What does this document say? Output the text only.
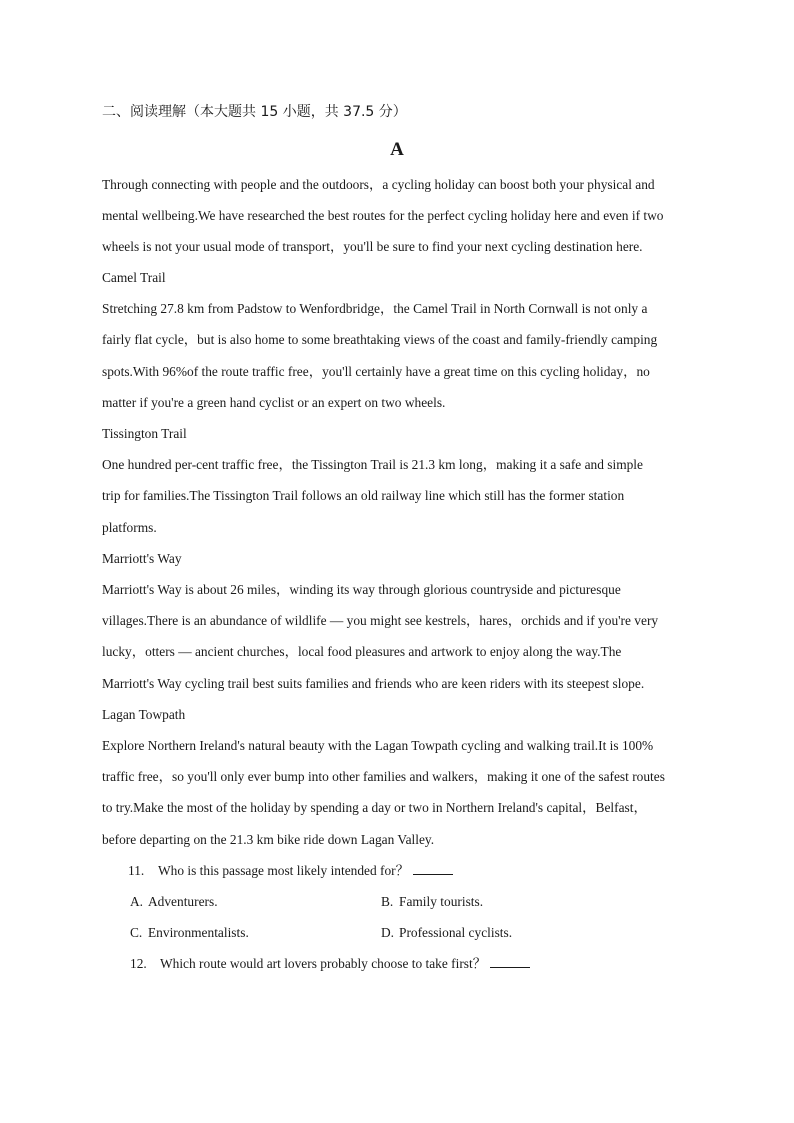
二、阅读理解（本大题共 15 小题，共 37.5 分）
A
Through connecting with people and the outdoors，a cycling holiday can boost both your physical and
mental wellbeing.We have researched the best routes for the perfect cycling holiday here and even if two
wheels is not your usual mode of transport，you'll be sure to find your next cycling destination here.
Camel Trail
Stretching 27.8 km from Padstow to Wenfordbridge，the Camel Trail in North Cornwall is not only a
fairly flat cycle，but is also home to some breathtaking views of the coast and family-friendly camping
spots.With 96%of the route traffic free，you'll certainly have a great time on this cycling holiday，no
matter if you're a green hand cyclist or an expert on two wheels.
Tissington Trail
One hundred per-cent traffic free，the Tissington Trail is 21.3 km long，making it a safe and simple
trip for families.The Tissington Trail follows an old railway line which still has the former station
platforms.
Marriott's Way
Marriott's Way is about 26 miles，winding its way through glorious countryside and picturesque
villages.There is an abundance of wildlife — you might see kestrels，hares，orchids and if you're very
lucky，otters — ancient churches，local food pleasures and artwork to enjoy along the way.The
Marriott's Way cycling trail best suits families and friends who are keen riders with its steepest slope.
Lagan Towpath
Explore Northern Ireland's natural beauty with the Lagan Towpath cycling and walking trail.It is 100%
traffic free，so you'll only ever bump into other families and walkers，making it one of the safest routes
to try.Make the most of the holiday by spending a day or two in Northern Ireland's capital，Belfast，
before departing on the 21.3 km bike ride down Lagan Valley.
11. Who is this passage most likely intended for？
A. Adventurers.	B. Family tourists.
C. Environmentalists.	D. Professional cyclists.
12. Which route would art lovers probably choose to take first？
